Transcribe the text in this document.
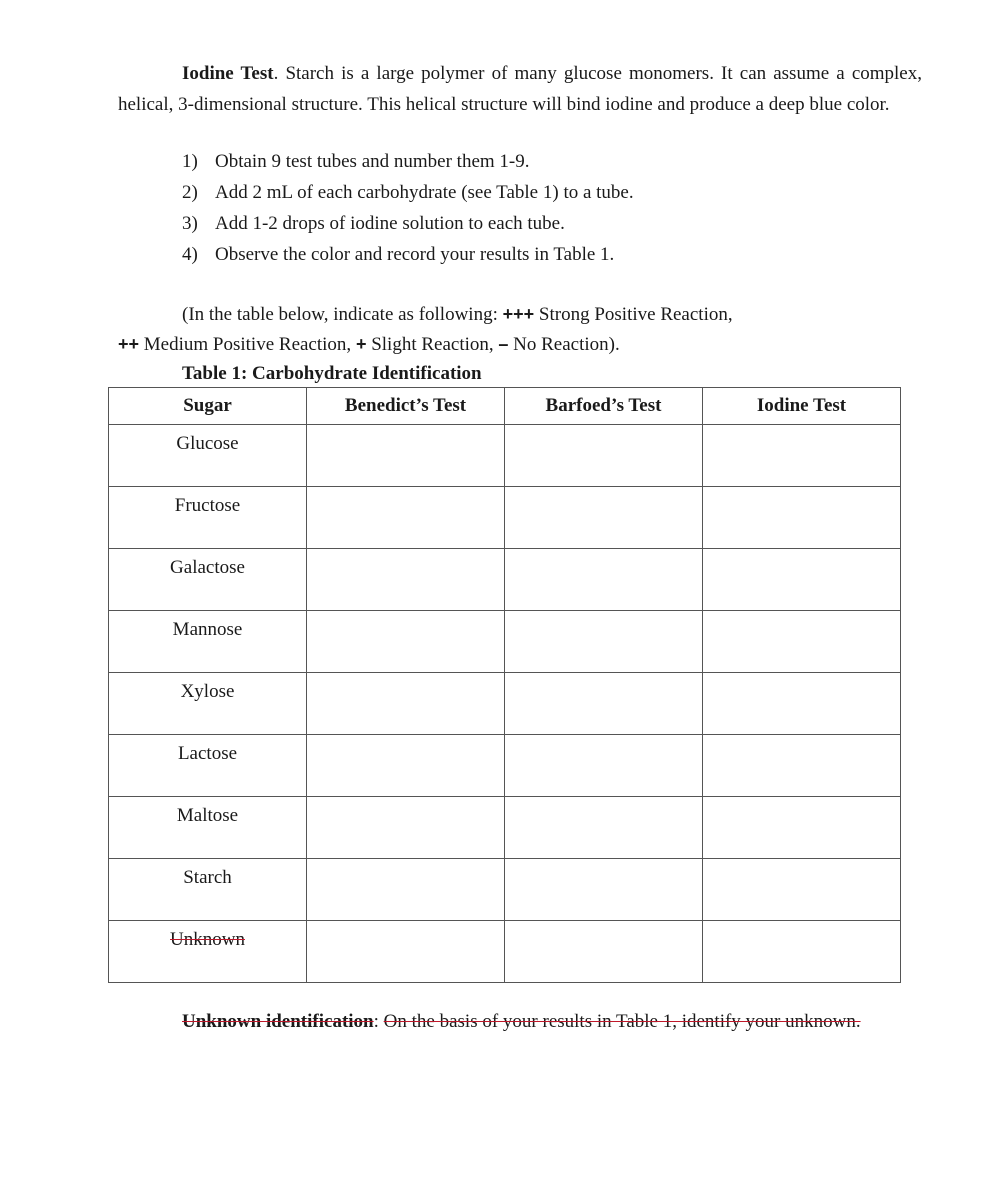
Iodine Test. Starch is a large polymer of many glucose monomers. It can assume a complex, helical, 3-dimensional structure. This helical structure will bind iodine and produce a deep blue color.

1) Obtain 9 test tubes and number them 1-9.
2) Add 2 mL of each carbohydrate (see Table 1) to a tube.
3) Add 1-2 drops of iodine solution to each tube.
4) Observe the color and record your results in Table 1.
(In the table below, indicate as following: +++ Strong Positive Reaction,
++ Medium Positive Reaction, + Slight Reaction, – No Reaction).
Table 1: Carbohydrate Identification
Sugar	Benedict’s Test	Barfoed’s Test	Iodine Test
Glucose			
Fructose			
Galactose			
Mannose			
Xylose			
Lactose			
Maltose			
Starch			
Unknown			

Unknown identification: On the basis of your results in Table 1, identify your unknown.
